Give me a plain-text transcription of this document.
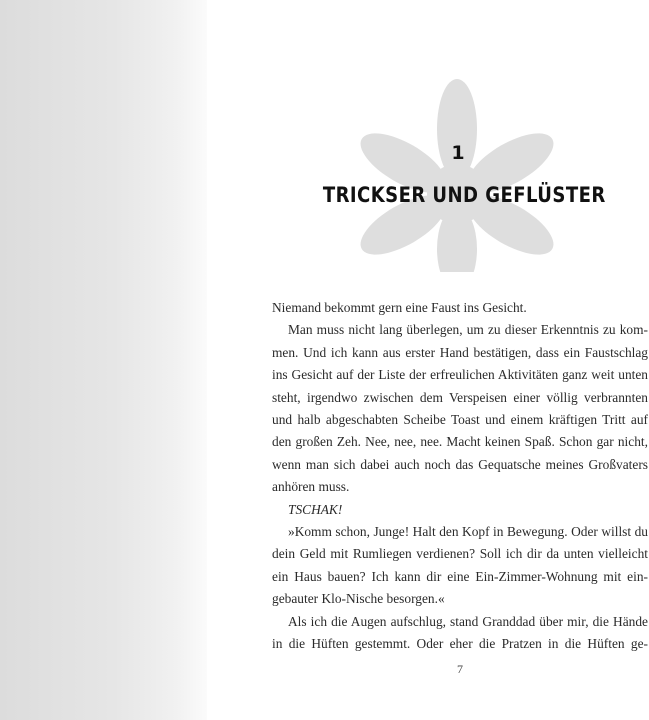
1
TRICKSER UND GEFLÜSTER

Niemand bekommt gern eine Faust ins Gesicht.

Man muss nicht lang überlegen, um zu dieser Erkenntnis zu kom-

men. Und ich kann aus erster Hand bestätigen, dass ein Faustschlag

ins Gesicht auf der Liste der erfreulichen Aktivitäten ganz weit unten

steht, irgendwo zwischen dem Verspeisen einer völlig verbrannten

und halb abgeschabten Scheibe Toast und einem kräftigen Tritt auf

den großen Zeh. Nee, nee, nee. Macht keinen Spaß. Schon gar nicht,

wenn man sich dabei auch noch das Gequatsche meines Großvaters

anhören muss.

TSCHAK!

»Komm schon, Junge! Halt den Kopf in Bewegung. Oder willst du

dein Geld mit Rumliegen verdienen? Soll ich dir da unten vielleicht

ein Haus bauen? Ich kann dir eine Ein-Zimmer-Wohnung mit ein-

gebauter Klo-Nische besorgen.«

Als ich die Augen aufschlug, stand Granddad über mir, die Hände

in die Hüften gestemmt. Oder eher die Pratzen in die Hüften ge-

7
